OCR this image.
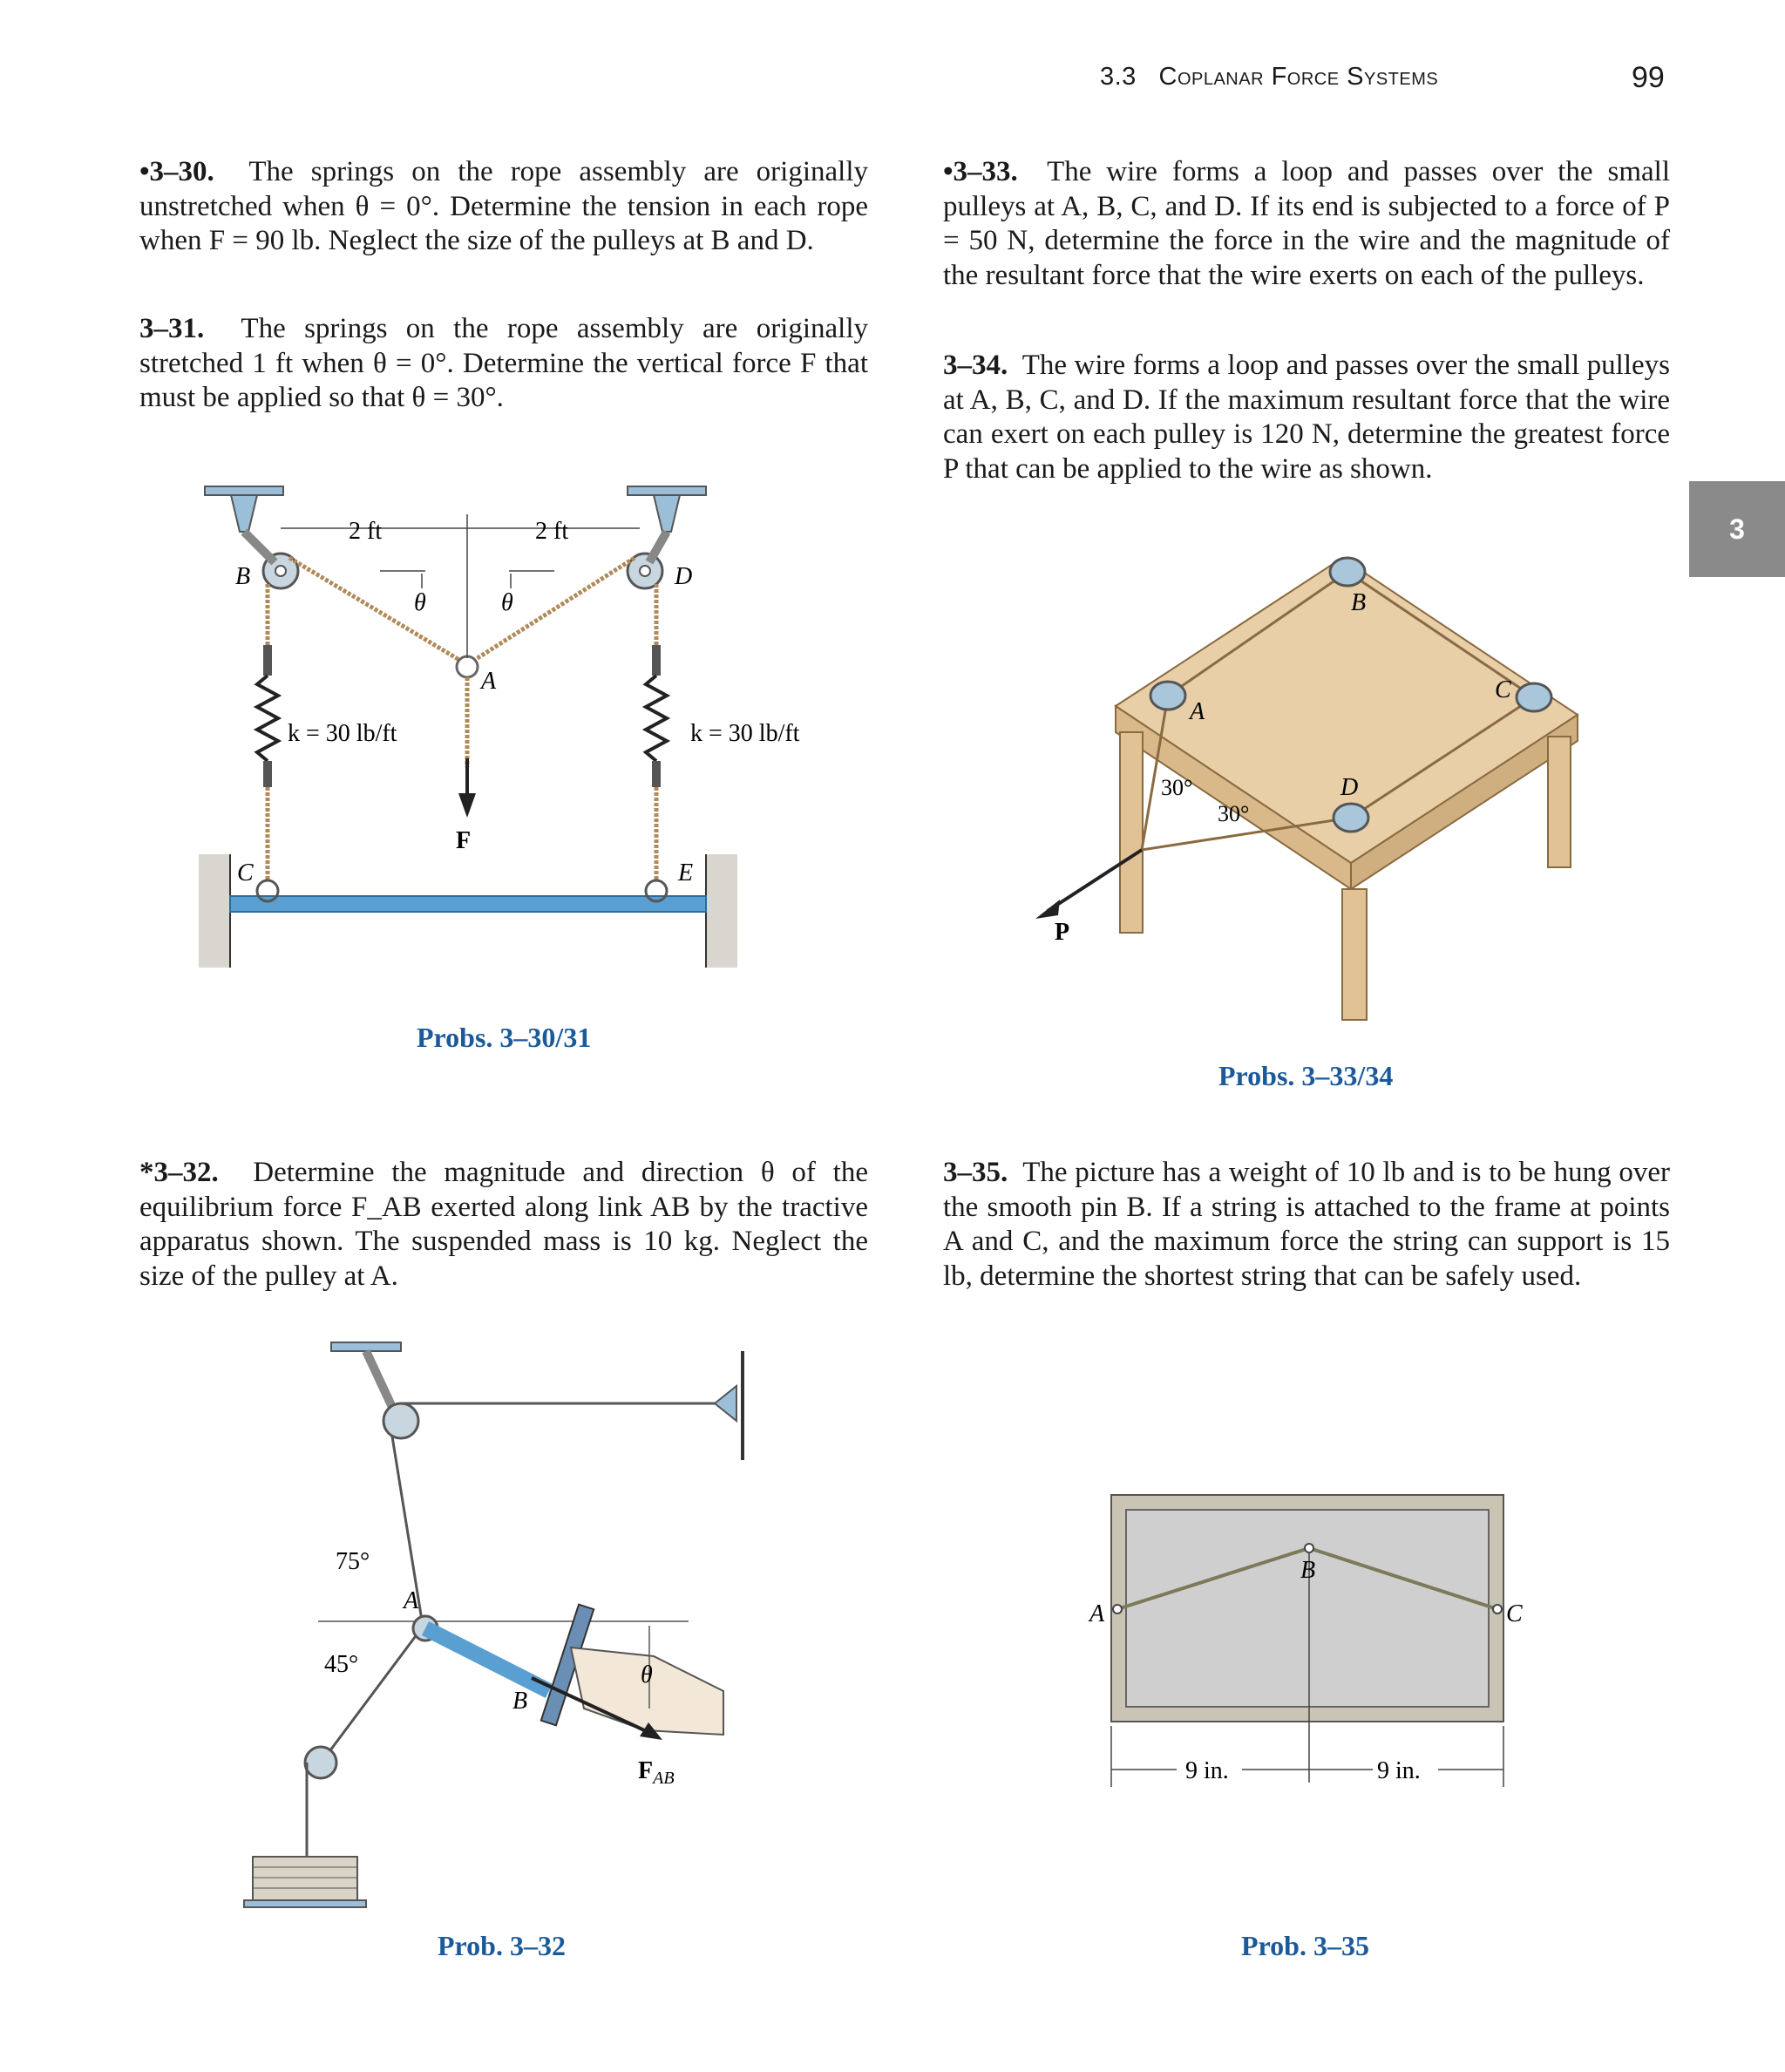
3.3 Coplanar Force Systems	99
3
•3–30. The springs on the rope assembly are originally unstretched when θ = 0°. Determine the tension in each rope when F = 90 lb. Neglect the size of the pulleys at B and D.
3–31. The springs on the rope assembly are originally stretched 1 ft when θ = 0°. Determine the vertical force F that must be applied so that θ = 30°.
*3–32. Determine the magnitude and direction θ of the equilibrium force F_AB exerted along link AB by the tractive apparatus shown. The suspended mass is 10 kg. Neglect the size of the pulley at A.
•3–33. The wire forms a loop and passes over the small pulleys at A, B, C, and D. If its end is subjected to a force of P = 50 N, determine the force in the wire and the magnitude of the resultant force that the wire exerts on each of the pulleys.
3–34. The wire forms a loop and passes over the small pulleys at A, B, C, and D. If the maximum resultant force that the wire can exert on each pulley is 120 N, determine the greatest force P that can be applied to the wire as shown.
3–35. The picture has a weight of 10 lb and is to be hung over the smooth pin B. If a string is attached to the frame at points A and C, and the maximum force the string can support is 15 lb, determine the shortest string that can be safely used.
2 ft	2 ft
B	D
θ	θ
A
k = 30 lb/ft	k = 30 lb/ft
F
C	E
Probs. 3–30/31
A
B
C
D
30°
30°
P
Probs. 3–33/34
75°
45°
A
B
θ
$F_{AB}$
Prob. 3–32
A
B
C
9 in.	9 in.
Prob. 3–35
